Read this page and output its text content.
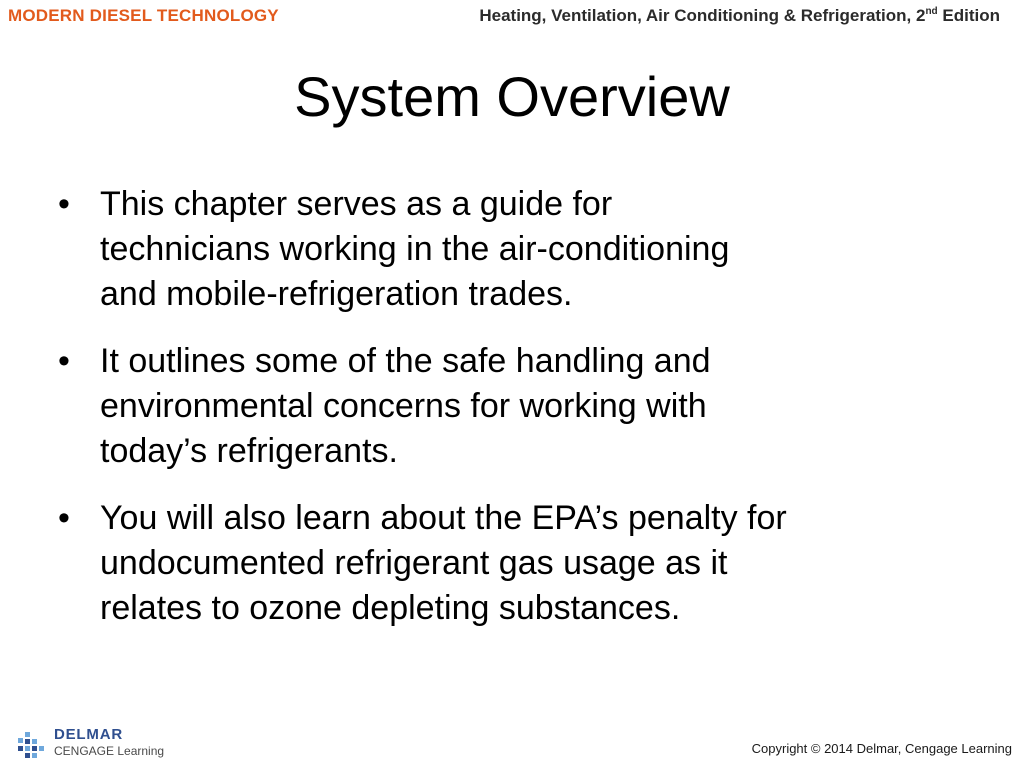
MODERN DIESEL TECHNOLOGY	Heating, Ventilation, Air Conditioning & Refrigeration, 2nd Edition
System Overview
• This chapter serves as a guide for
technicians working in the air-conditioning
and mobile-refrigeration trades.
• It outlines some of the safe handling and
environmental concerns for working with
today’s refrigerants.
• You will also learn about the EPA’s penalty for
undocumented refrigerant gas usage as it
relates to ozone depleting substances.
DELMAR
CENGAGE Learning	Copyright © 2014 Delmar, Cengage Learning
